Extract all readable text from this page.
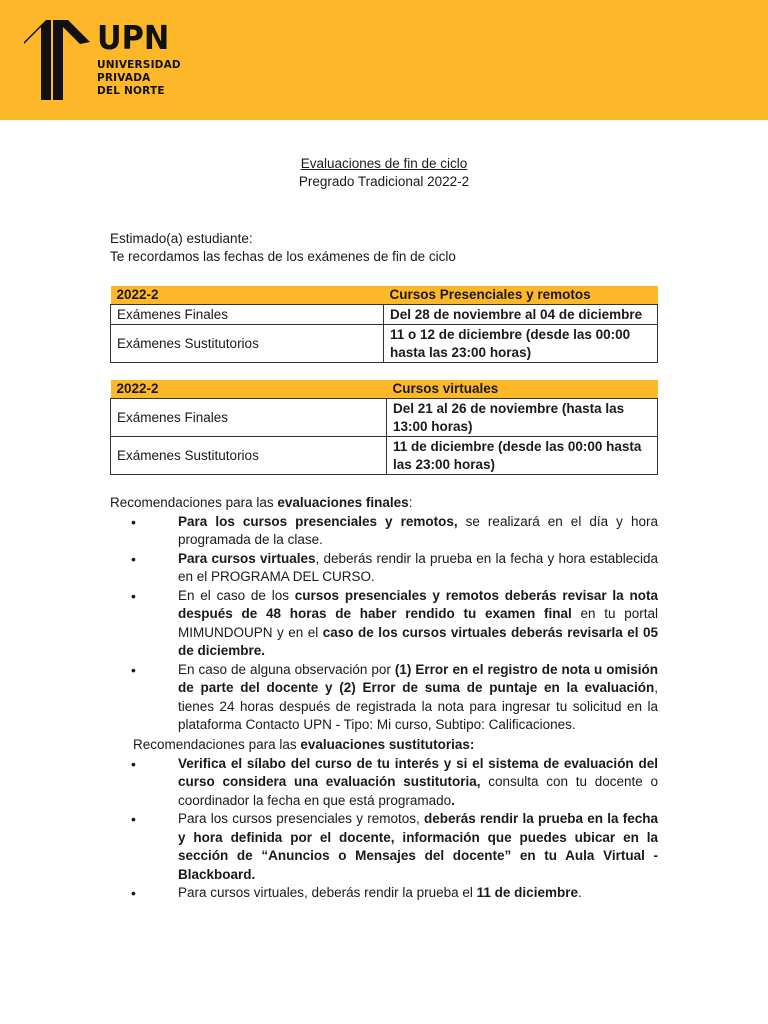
UPN
UNIVERSIDAD
PRIVADA
DEL NORTE
Evaluaciones de fin de ciclo
Pregrado Tradicional 2022-2
Estimado(a) estudiante:
Te recordamos las fechas de los exámenes de fin de ciclo
2022-2	Cursos Presenciales y remotos
Exámenes Finales	Del 28 de noviembre al 04 de diciembre
Exámenes Sustitutorios	11 o 12 de diciembre (desde las 00:00 hasta las 23:00 horas)
2022-2	Cursos virtuales
Exámenes Finales	Del 21 al 26 de noviembre (hasta las 13:00 horas)
Exámenes Sustitutorios	11 de diciembre (desde las 00:00 hasta las 23:00 horas)
Recomendaciones para las evaluaciones finales:
• Para los cursos presenciales y remotos, se realizará en el día y hora programada de la clase.
• Para cursos virtuales, deberás rendir la prueba en la fecha y hora establecida en el PROGRAMA DEL CURSO.
• En el caso de los cursos presenciales y remotos deberás revisar la nota después de 48 horas de haber rendido tu examen final en tu portal MIMUNDOUPN y en el caso de los cursos virtuales deberás revisarla el 05 de diciembre.
• En caso de alguna observación por (1) Error en el registro de nota u omisión de parte del docente y (2) Error de suma de puntaje en la evaluación, tienes 24 horas después de registrada la nota para ingresar tu solicitud en la plataforma Contacto UPN - Tipo: Mi curso, Subtipo: Calificaciones.
Recomendaciones para las evaluaciones sustitutorias:
• Verifica el sílabo del curso de tu interés y si el sistema de evaluación del curso considera una evaluación sustitutoria, consulta con tu docente o coordinador la fecha en que está programado.
• Para los cursos presenciales y remotos, deberás rendir la prueba en la fecha y hora definida por el docente, información que puedes ubicar en la sección de “Anuncios o Mensajes del docente” en tu Aula Virtual - Blackboard.
• Para cursos virtuales, deberás rendir la prueba el 11 de diciembre.
